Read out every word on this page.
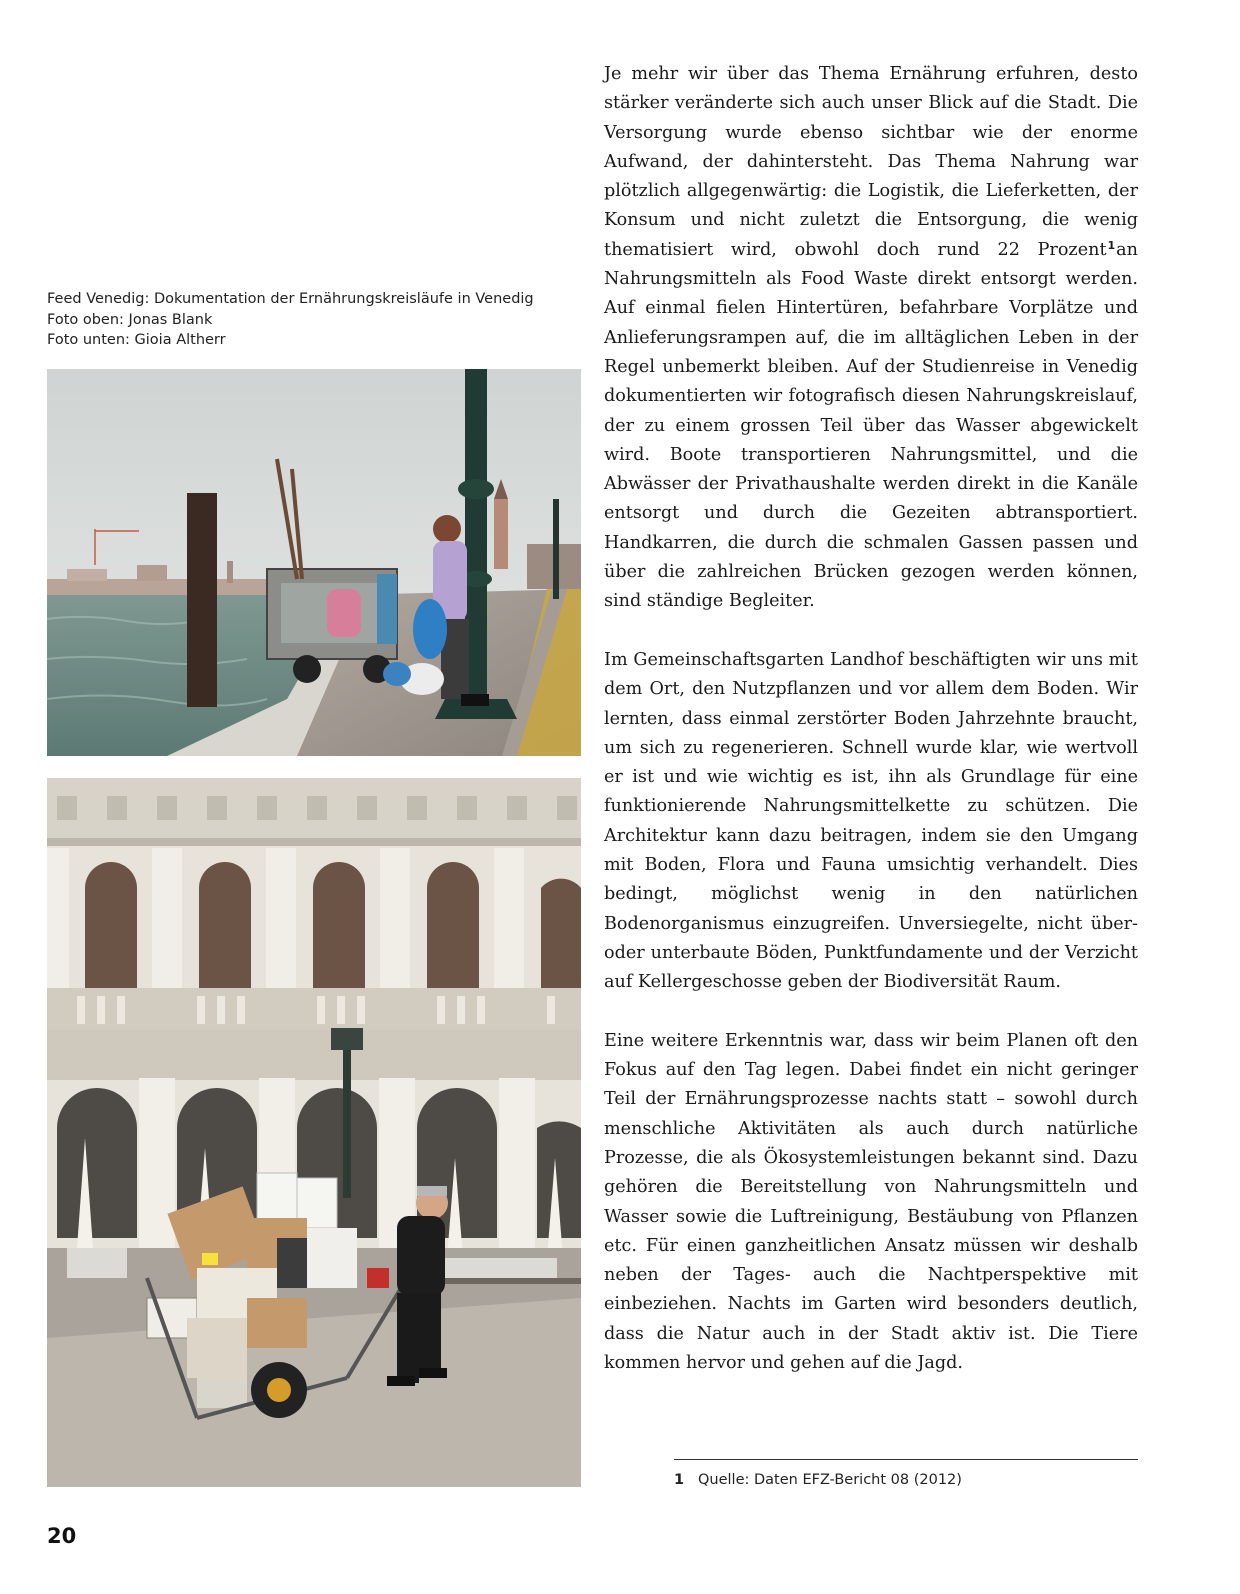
Feed Venedig: Dokumentation der Ernährungskreisläufe in Venedig
Foto oben: Jonas Blank
Foto unten: Gioia Altherr

Je mehr wir über das Thema Ernährung erfuhren, desto stärker veränderte sich auch unser Blick auf die Stadt. Die Versorgung wurde ebenso sichtbar wie der enorme Aufwand, der dahintersteht. Das Thema Nahrung war plötzlich allgegenwärtig: die Logistik, die Lieferketten, der Konsum und nicht zuletzt die Entsorgung, die wenig thematisiert wird, obwohl doch rund 22 Prozent$^1$an Nahrungsmitteln als Food Waste direkt entsorgt werden. Auf einmal fielen Hintertüren, befahrbare Vorplätze und Anlieferungsrampen auf, die im alltäglichen Leben in der Regel unbemerkt bleiben. Auf der Studienreise in Venedig dokumentierten wir fotografisch diesen Nahrungskreislauf, der zu einem grossen Teil über das Wasser abgewickelt wird. Boote transportieren Nahrungsmittel, und die Abwässer der Privathaushalte werden direkt in die Kanäle entsorgt und durch die Gezeiten abtransportiert. Handkarren, die durch die schmalen Gassen passen und über die zahlreichen Brücken gezogen werden können, sind ständige Begleiter.

Im Gemeinschaftsgarten Landhof beschäftigten wir uns mit dem Ort, den Nutzpflanzen und vor allem dem Boden. Wir lernten, dass einmal zerstörter Boden Jahrzehnte braucht, um sich zu regenerieren. Schnell wurde klar, wie wertvoll er ist und wie wichtig es ist, ihn als Grundlage für eine funktionierende Nahrungsmittelkette zu schützen. Die Architektur kann dazu beitragen, indem sie den Umgang mit Boden, Flora und Fauna umsichtig verhandelt. Dies bedingt, möglichst wenig in den natürlichen Bodenorganismus einzugreifen. Unversiegelte, nicht über- oder unterbaute Böden, Punktfundamente und der Verzicht auf Kellergeschosse geben der Biodiversität Raum.

Eine weitere Erkenntnis war, dass wir beim Planen oft den Fokus auf den Tag legen. Dabei findet ein nicht geringer Teil der Ernährungsprozesse nachts statt – sowohl durch menschliche Aktivitäten als auch durch natürliche Prozesse, die als Ökosystemleistungen bekannt sind. Dazu gehören die Bereitstellung von Nahrungsmitteln und Wasser sowie die Luftreinigung, Bestäubung von Pflanzen etc. Für einen ganzheitlichen Ansatz müssen wir deshalb neben der Tages- auch die Nachtperspektive mit einbeziehen. Nachts im Garten wird besonders deutlich, dass die Natur auch in der Stadt aktiv ist. Die Tiere kommen hervor und gehen auf die Jagd.

1 Quelle: Daten EFZ-Bericht 08 (2012)
20
